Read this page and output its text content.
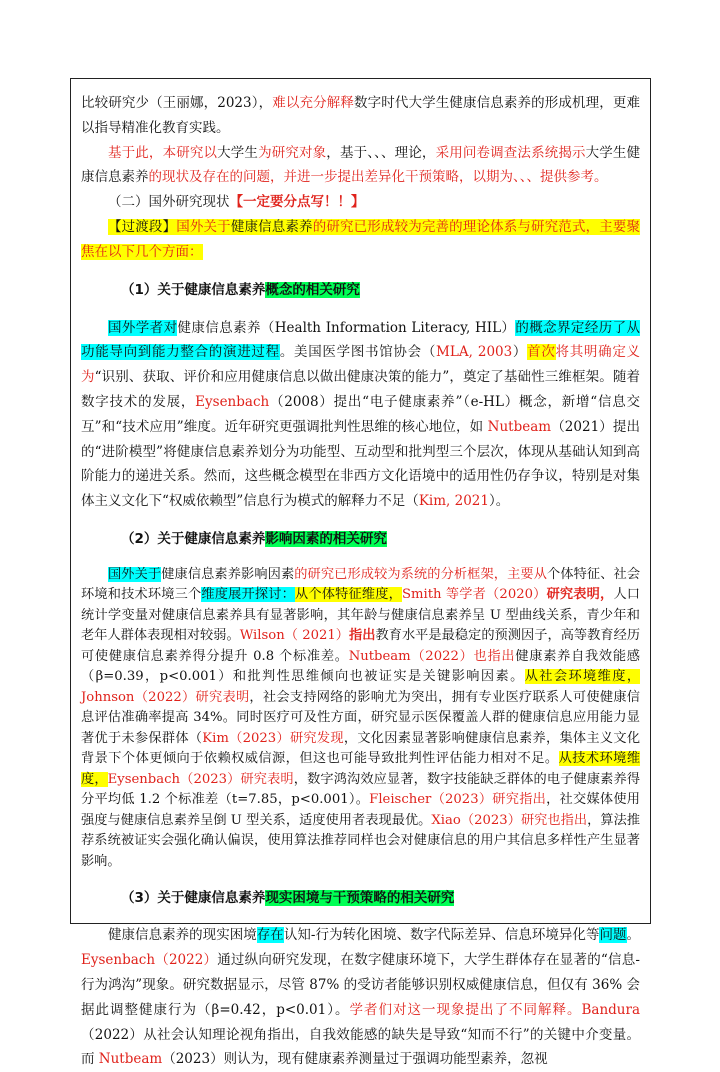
比较研究少（王丽娜，2023），难以充分解释数字时代大学生健康信息素养的形成机理，更难以指导精准化教育实践。

基于此，本研究以大学生为研究对象，基于、、、理论，采用问卷调查法系统揭示大学生健康信息素养的现状及存在的问题，并进一步提出差异化干预策略，以期为、、、提供参考。

（二）国外研究现状【一定要分点写！！】

【过渡段】国外关于健康信息素养的研究已形成较为完善的理论体系与研究范式，主要聚焦在以下几个方面：

（1）关于健康信息素养概念的相关研究

国外学者对健康信息素养（Health Information Literacy, HIL）的概念界定经历了从功能导向到能力整合的演进过程。美国医学图书馆协会（MLA, 2003）首次将其明确定义为“识别、获取、评价和应用健康信息以做出健康决策的能力”，奠定了基础性三维框架。随着数字技术的发展，Eysenbach（2008）提出“电子健康素养”（e-HL）概念，新增“信息交互”和“技术应用”维度。近年研究更强调批判性思维的核心地位，如 Nutbeam（2021）提出的“进阶模型”将健康信息素养划分为功能型、互动型和批判型三个层次，体现从基础认知到高阶能力的递进关系。然而，这些概念模型在非西方文化语境中的适用性仍存争议，特别是对集体主义文化下“权威依赖型”信息行为模式的解释力不足（Kim, 2021）。

（2）关于健康信息素养影响因素的相关研究

国外关于健康信息素养影响因素的研究已形成较为系统的分析框架，主要从个体特征、社会环境和技术环境三个维度展开探讨：从个体特征维度，Smith 等学者（2020）研究表明，人口统计学变量对健康信息素养具有显著影响，其年龄与健康信息素养呈 U 型曲线关系，青少年和老年人群体表现相对较弱。Wilson（ 2021）指出教育水平是最稳定的预测因子，高等教育经历可使健康信息素养得分提升 0.8 个标准差。Nutbeam（2022）也指出健康素养自我效能感（β=0.39，p<0.001）和批判性思维倾向也被证实是关键影响因素。从社会环境维度，Johnson（2022）研究表明，社会支持网络的影响尤为突出，拥有专业医疗联系人可使健康信息评估准确率提高 34%。同时医疗可及性方面，研究显示医保覆盖人群的健康信息应用能力显著优于未参保群体（Kim（2023）研究发现，文化因素显著影响健康信息素养，集体主义文化背景下个体更倾向于依赖权威信源，但这也可能导致批判性评估能力相对不足。从技术环境维度，Eysenbach（2023）研究表明，数字鸿沟效应显著，数字技能缺乏群体的电子健康素养得分平均低 1.2 个标准差（t=7.85，p<0.001）。Fleischer（2023）研究指出，社交媒体使用强度与健康信息素养呈倒 U 型关系，适度使用者表现最优。Xiao（2023）研究也指出，算法推荐系统被证实会强化确认偏误，使用算法推荐同样也会对健康信息的用户其信息多样性产生显著影响。

（3）关于健康信息素养现实困境与干预策略的相关研究

健康信息素养的现实困境存在认知-行为转化困境、数字代际差异、信息环境异化等问题。Eysenbach（2022）通过纵向研究发现，在数字健康环境下，大学生群体存在显著的“信息-行为鸿沟”现象。研究数据显示，尽管 87% 的受访者能够识别权威健康信息，但仅有 36% 会据此调整健康行为（β=0.42，p<0.01）。学者们对这一现象提出了不同解释。Bandura（2022）从社会认知理论视角指出，自我效能感的缺失是导致“知而不行”的关键中介变量。而 Nutbeam（2023）则认为，现有健康素养测量过于强调功能型素养，忽视
